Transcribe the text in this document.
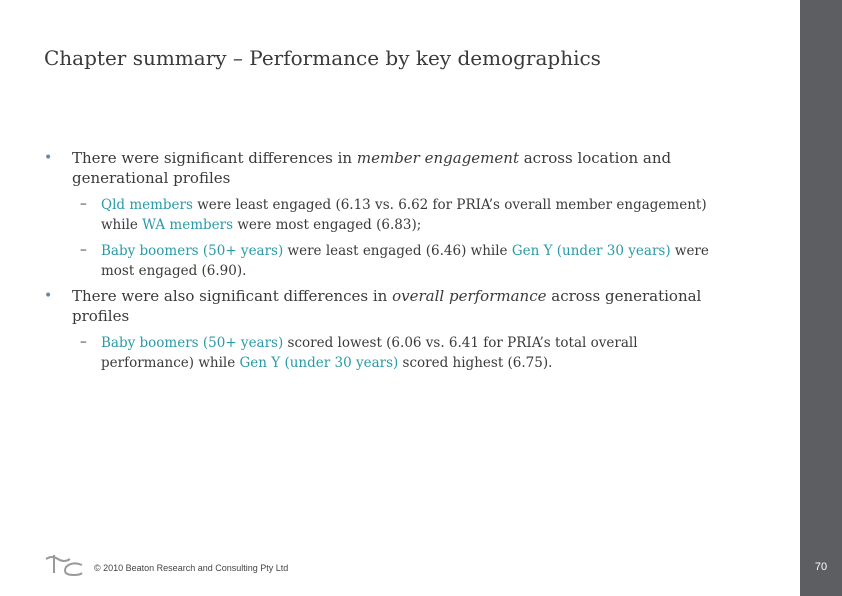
Chapter summary – Performance by key demographics
• There were significant differences in member engagement across location and
generational profiles
– Qld members were least engaged (6.13 vs. 6.62 for PRIA’s overall member engagement)
while WA members were most engaged (6.83);
– Baby boomers (50+ years) were least engaged (6.46) while Gen Y (under 30 years) were
most engaged (6.90).
• There were also significant differences in overall performance across generational
profiles
– Baby boomers (50+ years) scored lowest (6.06 vs. 6.41 for PRIA’s total overall
performance) while Gen Y (under 30 years) scored highest (6.75).
© 2010 Beaton Research and Consulting Pty Ltd	70
